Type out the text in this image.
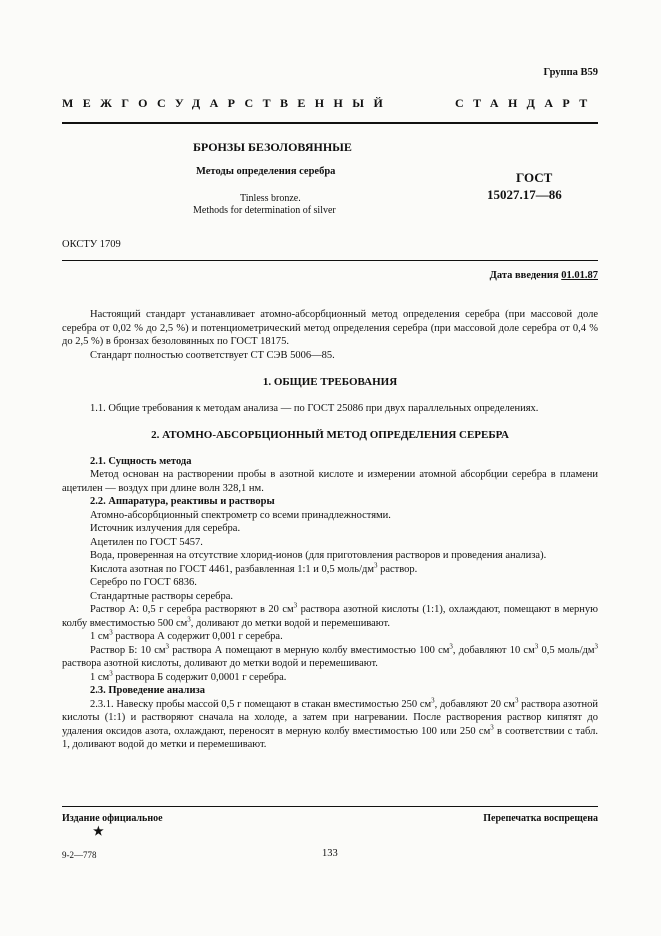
Группа В59
МЕЖГОСУДАРСТВЕННЫЙ	СТАНДАРТ
БРОНЗЫ БЕЗОЛОВЯННЫЕ
Методы определения серебра
Tinless bronze.
Methods for determination of silver
ГОСТ
15027.17—86
ОКСТУ 1709
Дата введения 01.01.87

Настоящий стандарт устанавливает атомно-абсорбционный метод определения серебра (при массовой доле серебра от 0,02 % до 2,5 %) и потенциометрический метод определения серебра (при массовой доле серебра от 0,4 % до 2,5 %) в бронзах безоловянных по ГОСТ 18175.

Стандарт полностью соответствует СТ СЭВ 5006—85.

1. ОБЩИЕ ТРЕБОВАНИЯ

1.1. Общие требования к методам анализа — по ГОСТ 25086 при двух параллельных определениях.

2. АТОМНО-АБСОРБЦИОННЫЙ МЕТОД ОПРЕДЕЛЕНИЯ СЕРЕБРА
2.1. Сущность метода

Метод основан на растворении пробы в азотной кислоте и измерении атомной абсорбции серебра в пламени ацетилен — воздух при длине волн 328,1 нм.

2.2. Аппаратура, реактивы и растворы

Атомно-абсорбционный спектрометр со всеми принадлежностями.

Источник излучения для серебра.

Ацетилен по ГОСТ 5457.

Вода, проверенная на отсутствие хлорид-ионов (для приготовления растворов и проведения анализа).

Кислота азотная по ГОСТ 4461, разбавленная 1:1 и 0,5 моль/$дм^3$ раствор.

Серебро по ГОСТ 6836.

Стандартные растворы серебра.

Раствор А: 0,5 г серебра растворяют в 20 $см^3$ раствора азотной кислоты (1:1), охлаждают, помещают в мерную колбу вместимостью 500 $см^3$, доливают до метки водой и перемешивают.

1 $см^3$ раствора А содержит 0,001 г серебра.

Раствор Б: 10 $см^3$ раствора А помещают в мерную колбу вместимостью 100 $см^3$, добавляют 10 $см^3$ 0,5 моль/$дм^3$ раствора азотной кислоты, доливают до метки водой и перемешивают.

1 $см^3$ раствора Б содержит 0,0001 г серебра.

2.3. Проведение анализа

2.3.1. Навеску пробы массой 0,5 г помещают в стакан вместимостью 250 $см^3$, добавляют 20 $см^3$ раствора азотной кислоты (1:1) и растворяют сначала на холоде, а затем при нагревании. После растворения раствор кипятят до удаления оксидов азота, охлаждают, переносят в мерную колбу вместимостью 100 или 250 $см^3$ в соответствии с табл. 1, доливают водой до метки и перемешивают.

Издание официальное
★
Перепечатка воспрещена
9-2—778	133
